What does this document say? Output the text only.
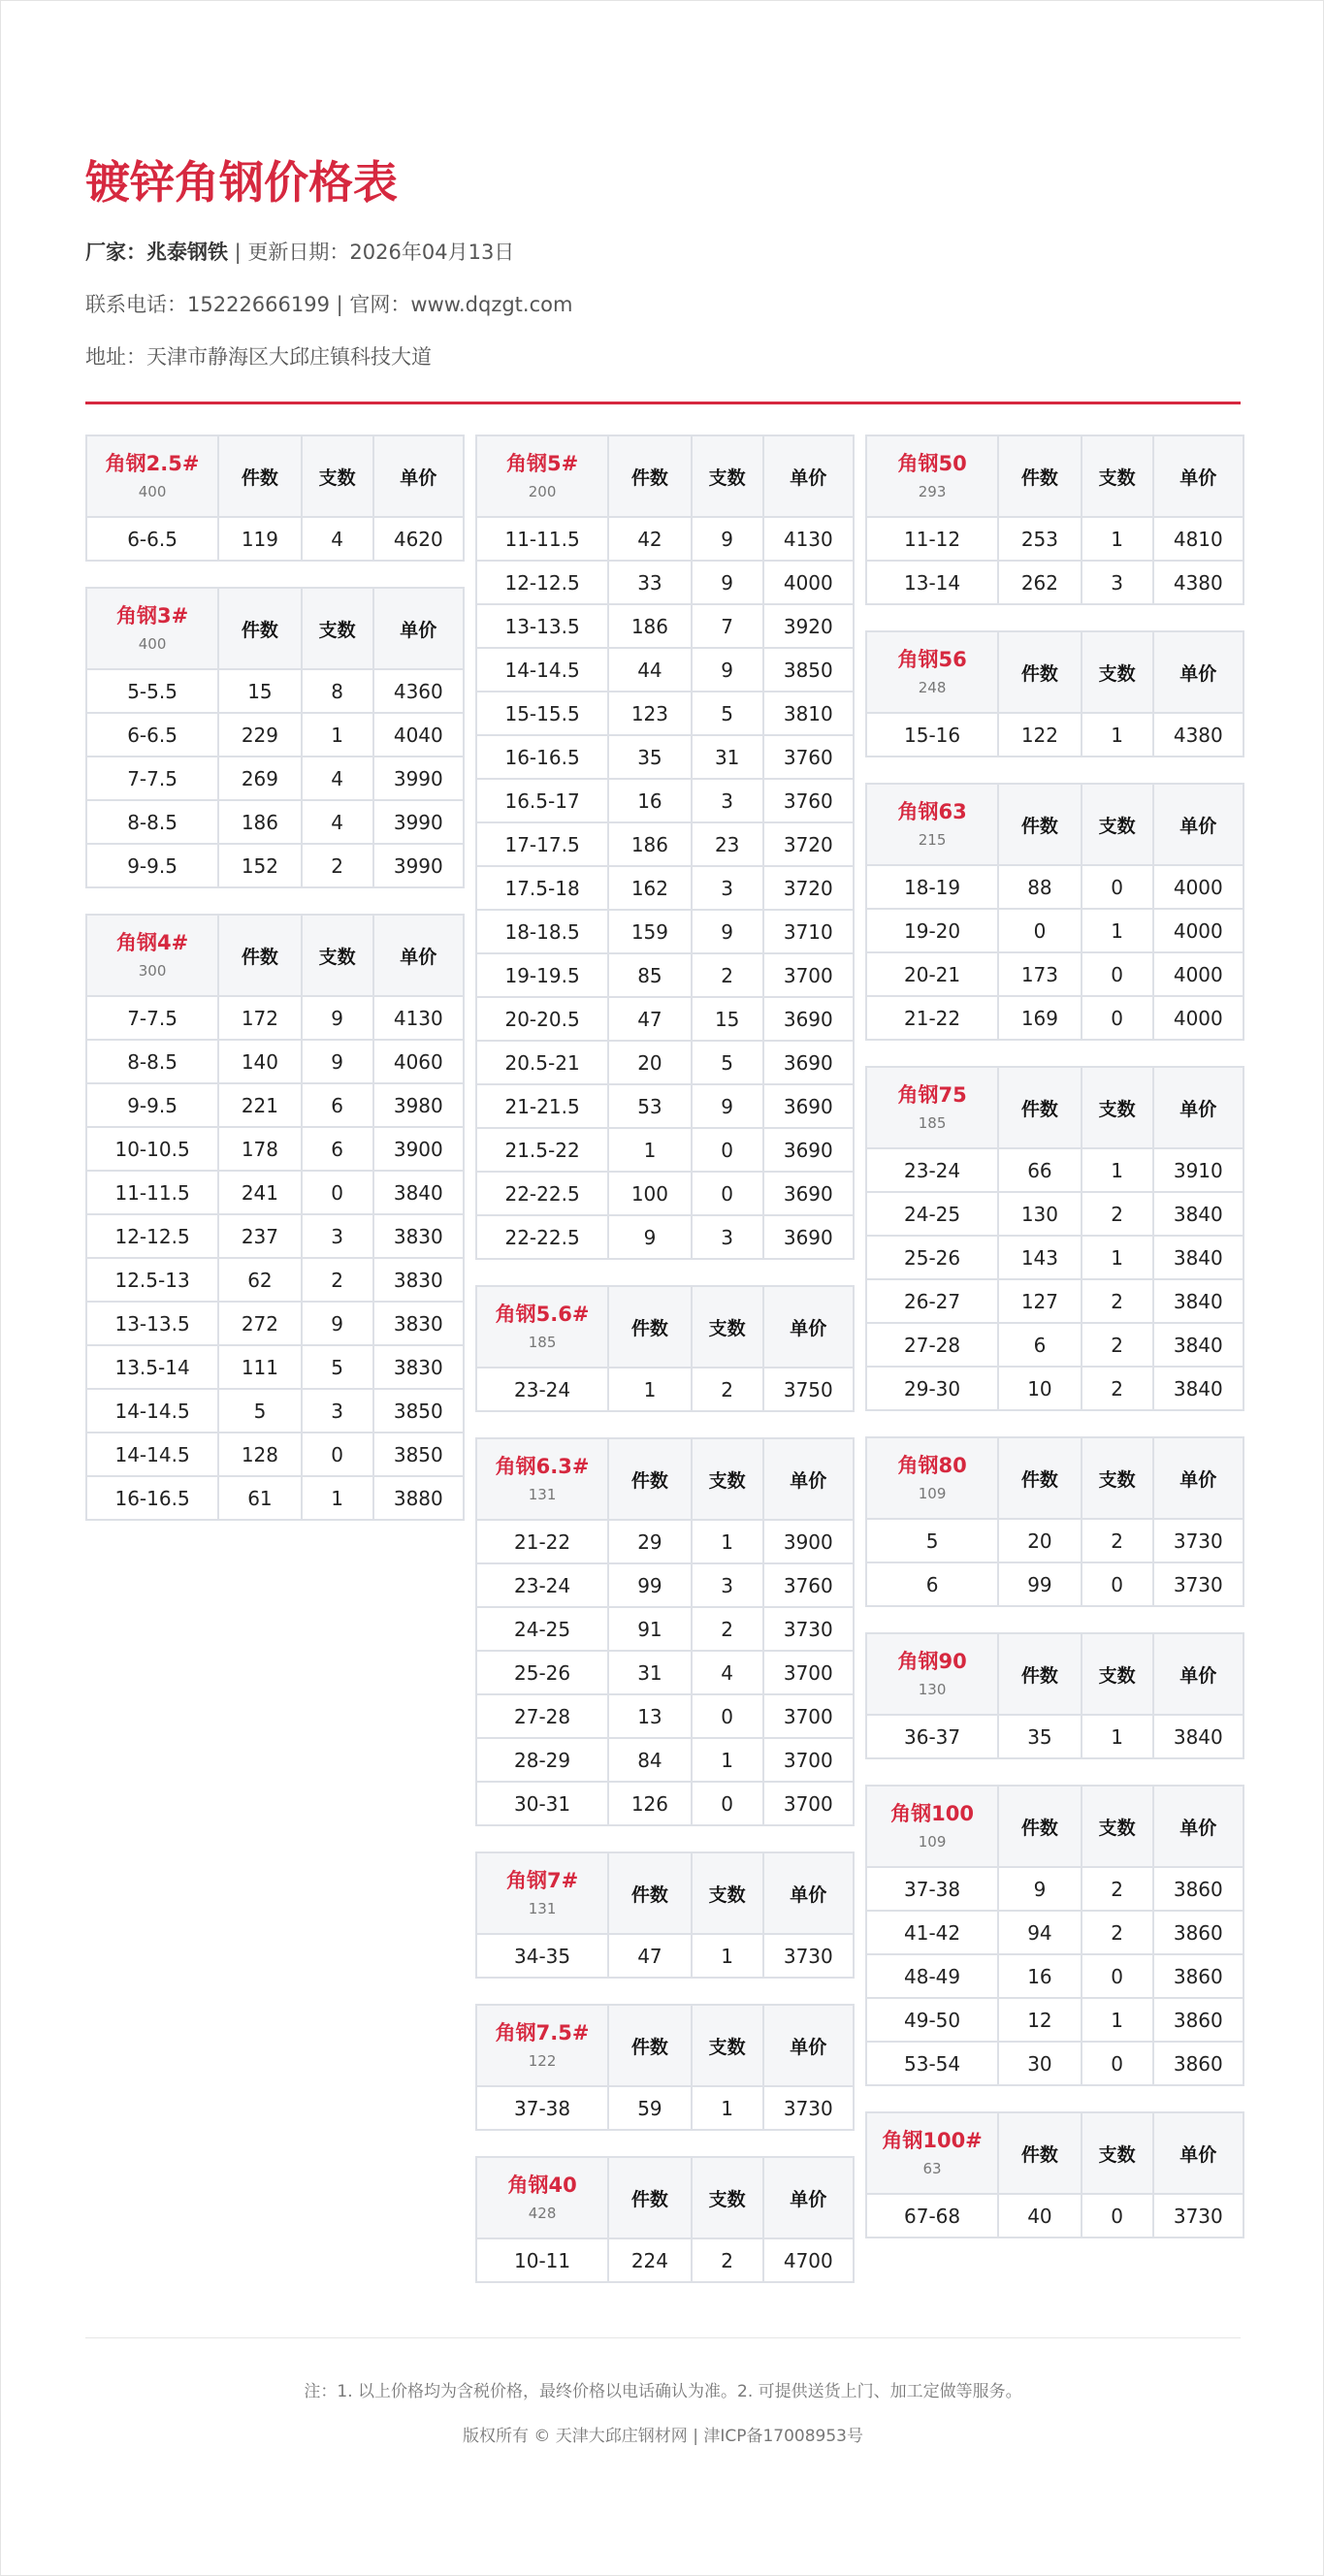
镀锌角钢价格表
厂家：兆泰钢铁 | 更新日期：2026年04月13日
联系电话：15222666199 | 官网：www.dqzgt.com
地址：天津市静海区大邱庄镇科技大道
角钢2.5#
400	件数	支数	单价
6-6.5	119	4	4620
角钢3#
400	件数	支数	单价
5-5.5	15	8	4360
6-6.5	229	1	4040
7-7.5	269	4	3990
8-8.5	186	4	3990
9-9.5	152	2	3990
角钢4#
300	件数	支数	单价
7-7.5	172	9	4130
8-8.5	140	9	4060
9-9.5	221	6	3980
10-10.5	178	6	3900
11-11.5	241	0	3840
12-12.5	237	3	3830
12.5-13	62	2	3830
13-13.5	272	9	3830
13.5-14	111	5	3830
14-14.5	5	3	3850
14-14.5	128	0	3850
16-16.5	61	1	3880
角钢5#
200	件数	支数	单价
11-11.5	42	9	4130
12-12.5	33	9	4000
13-13.5	186	7	3920
14-14.5	44	9	3850
15-15.5	123	5	3810
16-16.5	35	31	3760
16.5-17	16	3	3760
17-17.5	186	23	3720
17.5-18	162	3	3720
18-18.5	159	9	3710
19-19.5	85	2	3700
20-20.5	47	15	3690
20.5-21	20	5	3690
21-21.5	53	9	3690
21.5-22	1	0	3690
22-22.5	100	0	3690
22-22.5	9	3	3690
角钢5.6#
185	件数	支数	单价
23-24	1	2	3750
角钢6.3#
131	件数	支数	单价
21-22	29	1	3900
23-24	99	3	3760
24-25	91	2	3730
25-26	31	4	3700
27-28	13	0	3700
28-29	84	1	3700
30-31	126	0	3700
角钢7#
131	件数	支数	单价
34-35	47	1	3730
角钢7.5#
122	件数	支数	单价
37-38	59	1	3730
角钢40
428	件数	支数	单价
10-11	224	2	4700
角钢50
293	件数	支数	单价
11-12	253	1	4810
13-14	262	3	4380
角钢56
248	件数	支数	单价
15-16	122	1	4380
角钢63
215	件数	支数	单价
18-19	88	0	4000
19-20	0	1	4000
20-21	173	0	4000
21-22	169	0	4000
角钢75
185	件数	支数	单价
23-24	66	1	3910
24-25	130	2	3840
25-26	143	1	3840
26-27	127	2	3840
27-28	6	2	3840
29-30	10	2	3840
角钢80
109	件数	支数	单价
5	20	2	3730
6	99	0	3730
角钢90
130	件数	支数	单价
36-37	35	1	3840
角钢100
109	件数	支数	单价
37-38	9	2	3860
41-42	94	2	3860
48-49	16	0	3860
49-50	12	1	3860
53-54	30	0	3860
角钢100#
63	件数	支数	单价
67-68	40	0	3730
注：1. 以上价格均为含税价格，最终价格以电话确认为准。2. 可提供送货上门、加工定做等服务。
版权所有 © 天津大邱庄钢材网 | 津ICP备17008953号
